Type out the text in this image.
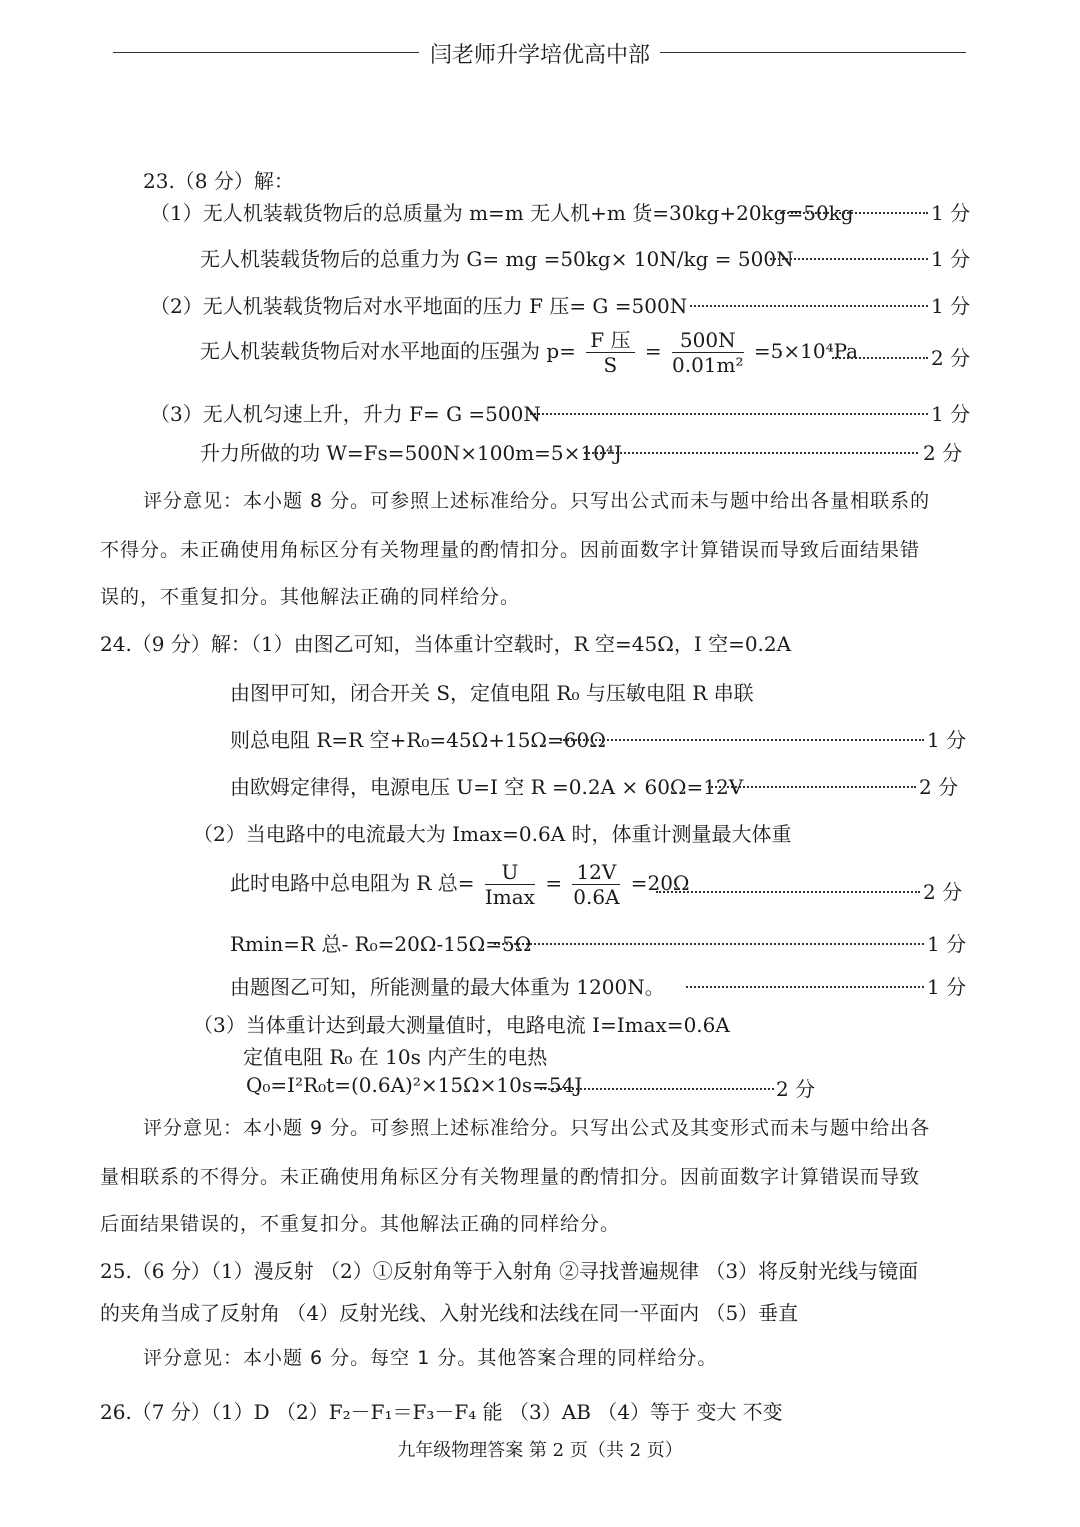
闫老师升学培优高中部
23.（8 分）解：
（1）无人机装载货物后的总质量为 m=m 无人机+m 货=30kg+20kg=50kg	1 分
无人机装载货物后的总重力为 G= mg =50kg× 10N/kg = 500N	1 分
（2）无人机装载货物后对水平地面的压力 F 压= G =500N	1 分
无人机装载货物后对水平地面的压强为 $p= \frac{\text{F 压}}{S} = \frac{500N}{\text{0.01m²}} =5\times 10^4Pa$	2 分
（3）无人机匀速上升，升力 F= G =500N	1 分
升力所做的功 W=Fs=500N×100m=5×10⁴J	2 分
评分意见：本小题 8 分。可参照上述标准给分。只写出公式而未与题中给出各量相联系的
不得分。未正确使用角标区分有关物理量的酌情扣分。因前面数字计算错误而导致后面结果错
误的，不重复扣分。其他解法正确的同样给分。
24.（9 分）解：（1）由图乙可知，当体重计空载时，R 空=45Ω，I 空=0.2A
由图甲可知，闭合开关 S，定值电阻 R₀ 与压敏电阻 R 串联
则总电阻 R=R 空+R₀=45Ω+15Ω=60Ω	1 分
由欧姆定律得，电源电压 U=I 空 R =0.2A × 60Ω=12V	2 分
（2）当电路中的电流最大为 Imax=0.6A 时，体重计测量最大体重
此时电路中总电阻为 R 总= $\frac{U}{Imax} = \frac{12V}{0.6A} =20\Omega$	2 分
Rmin=R 总- R₀=20Ω-15Ω=5Ω	1 分
由题图乙可知，所能测量的最大体重为 1200N。	1 分
（3）当体重计达到最大测量值时，电路电流 I=Imax=0.6A
定值电阻 R₀ 在 10s 内产生的电热
Q₀=I²R₀t=(0.6A)²×15Ω×10s=54J	2 分
评分意见：本小题 9 分。可参照上述标准给分。只写出公式及其变形式而未与题中给出各
量相联系的不得分。未正确使用角标区分有关物理量的酌情扣分。因前面数字计算错误而导致
后面结果错误的，不重复扣分。其他解法正确的同样给分。
25.（6 分）（1）漫反射 （2）①反射角等于入射角 ②寻找普遍规律 （3）将反射光线与镜面
的夹角当成了反射角 （4）反射光线、入射光线和法线在同一平面内 （5）垂直
评分意见：本小题 6 分。每空 1 分。其他答案合理的同样给分。
26.（7 分）（1）D （2）F₂－F₁＝F₃－F₄ 能 （3）AB （4）等于 变大 不变
九年级物理答案 第 2 页（共 2 页）
